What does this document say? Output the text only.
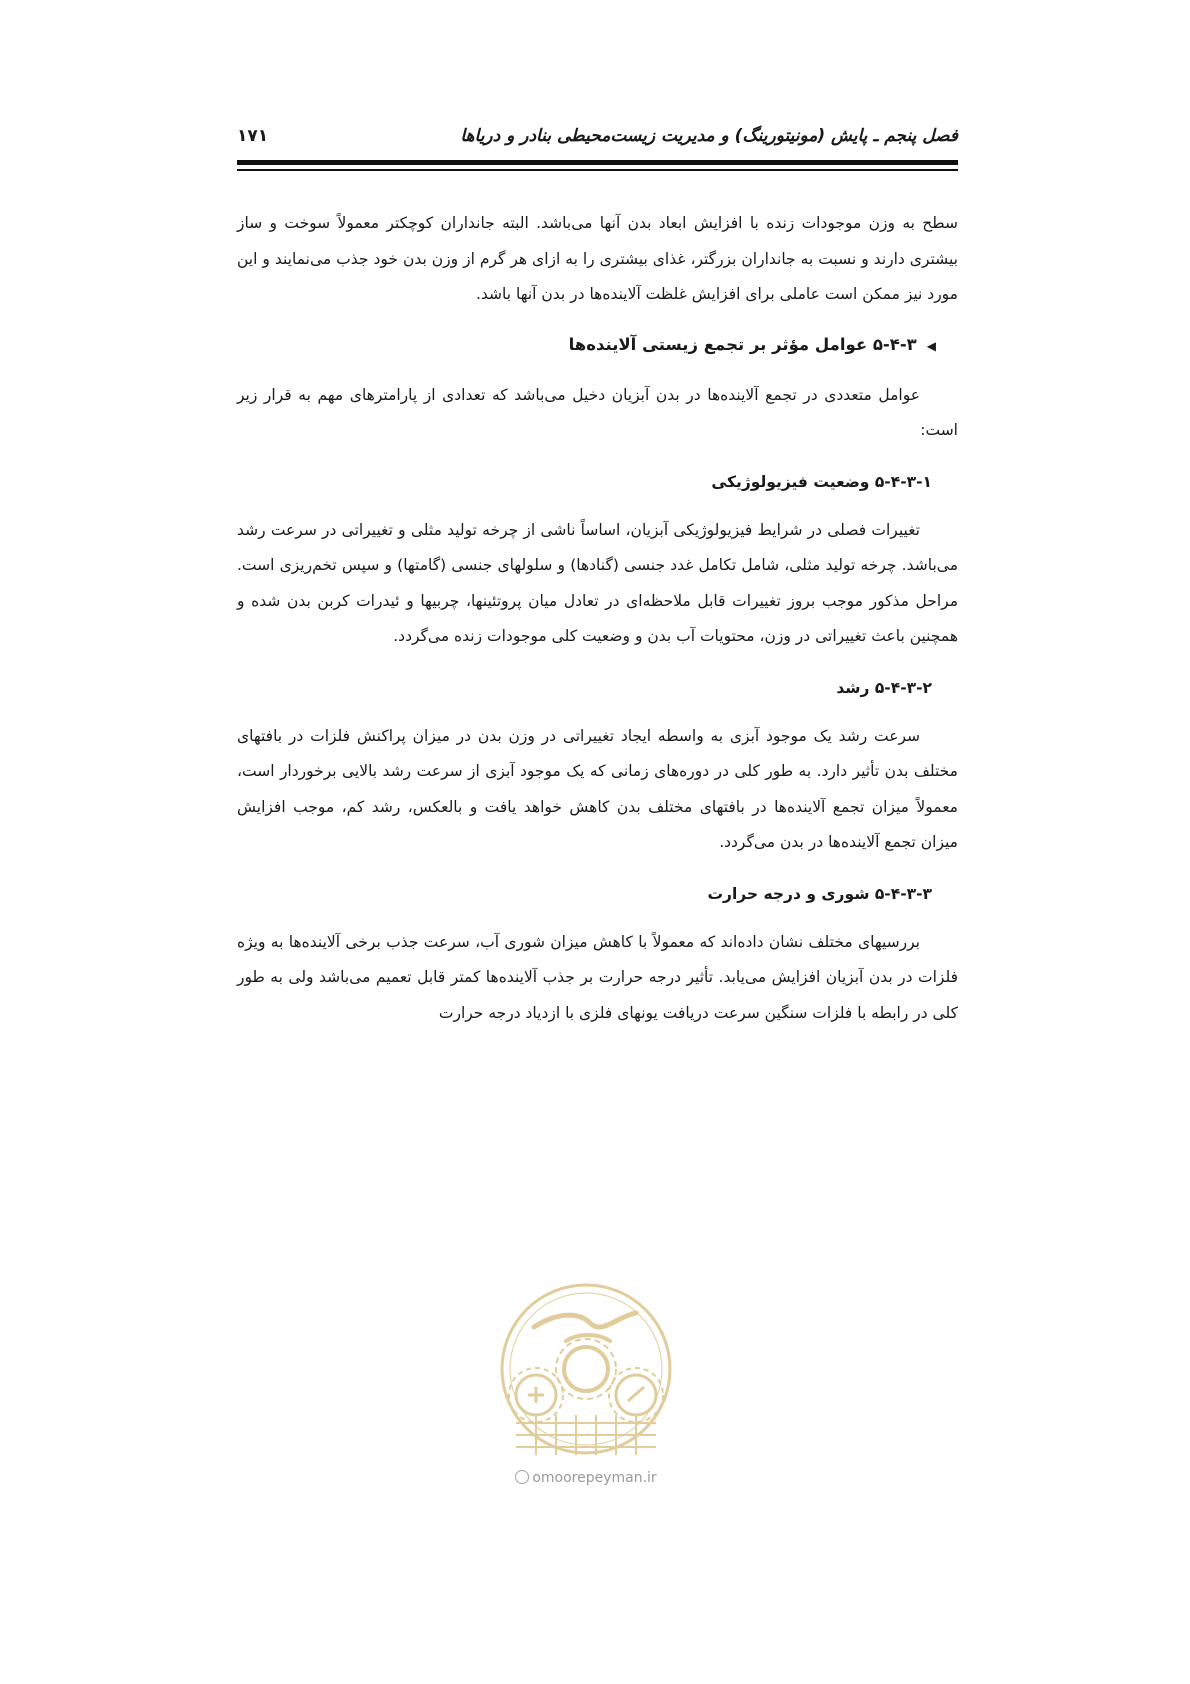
فصل پنجم ـ پایش (مونیتورینگ) و مدیریت زیست‌محیطی بنادر و دریاها
۱۷۱

سطح به وزن موجودات زنده با افزایش ابعاد بدن آنها می‌باشد. البته جانداران کوچکتر معمولاً سوخت و ساز بیشتری دارند و نسبت به جانداران بزرگتر، غذای بیشتری را به ازای هر گرم از وزن بدن خود جذب می‌نمایند و این مورد نیز ممکن است عاملی برای افزایش غلظت آلاینده‌ها در بدن آنها باشد.

◀۵-۴-۳ عوامل مؤثر بر تجمع زیستی آلاینده‌ها

عوامل متعددی در تجمع آلاینده‌ها در بدن آبزیان دخیل می‌باشد که تعدادی از پارامترهای مهم به قرار زیر است:

۵-۴-۳-۱ وضعیت فیزیولوژیکی

تغییرات فصلی در شرایط فیزیولوژیکی آبزیان، اساساً ناشی از چرخه تولید مثلی و تغییراتی در سرعت رشد می‌باشد. چرخه تولید مثلی، شامل تکامل غدد جنسی (گنادها) و سلولهای جنسی (گامتها) و سپس تخم‌ریزی است. مراحل مذکور موجب بروز تغییرات قابل ملاحظه‌ای در تعادل میان پروتئینها، چربیها و ئیدرات کربن بدن شده و همچنین باعث تغییراتی در وزن، محتویات آب بدن و وضعیت کلی موجودات زنده می‌گردد.

۵-۴-۳-۲ رشد

سرعت رشد یک موجود آبزی به واسطه ایجاد تغییراتی در وزن بدن در میزان پراکنش فلزات در بافتهای مختلف بدن تأثیر دارد. به طور کلی در دوره‌های زمانی که یک موجود آبزی از سرعت رشد بالایی برخوردار است، معمولاً میزان تجمع آلاینده‌ها در بافتهای مختلف بدن کاهش خواهد یافت و بالعکس، رشد کم، موجب افزایش میزان تجمع آلاینده‌ها در بدن می‌گردد.

۵-۴-۳-۳ شوری و درجه حرارت

بررسیهای مختلف نشان داده‌اند که معمولاً با کاهش میزان شوری آب، سرعت جذب برخی آلاینده‌ها به ویژه فلزات در بدن آبزیان افزایش می‌یابد. تأثیر درجه حرارت بر جذب آلاینده‌ها کمتر قابل تعمیم می‌باشد ولی به طور کلی در رابطه با فلزات سنگین سرعت دریافت یونهای فلزی با ازدیاد درجه حرارت

omoorepeyman.ir
